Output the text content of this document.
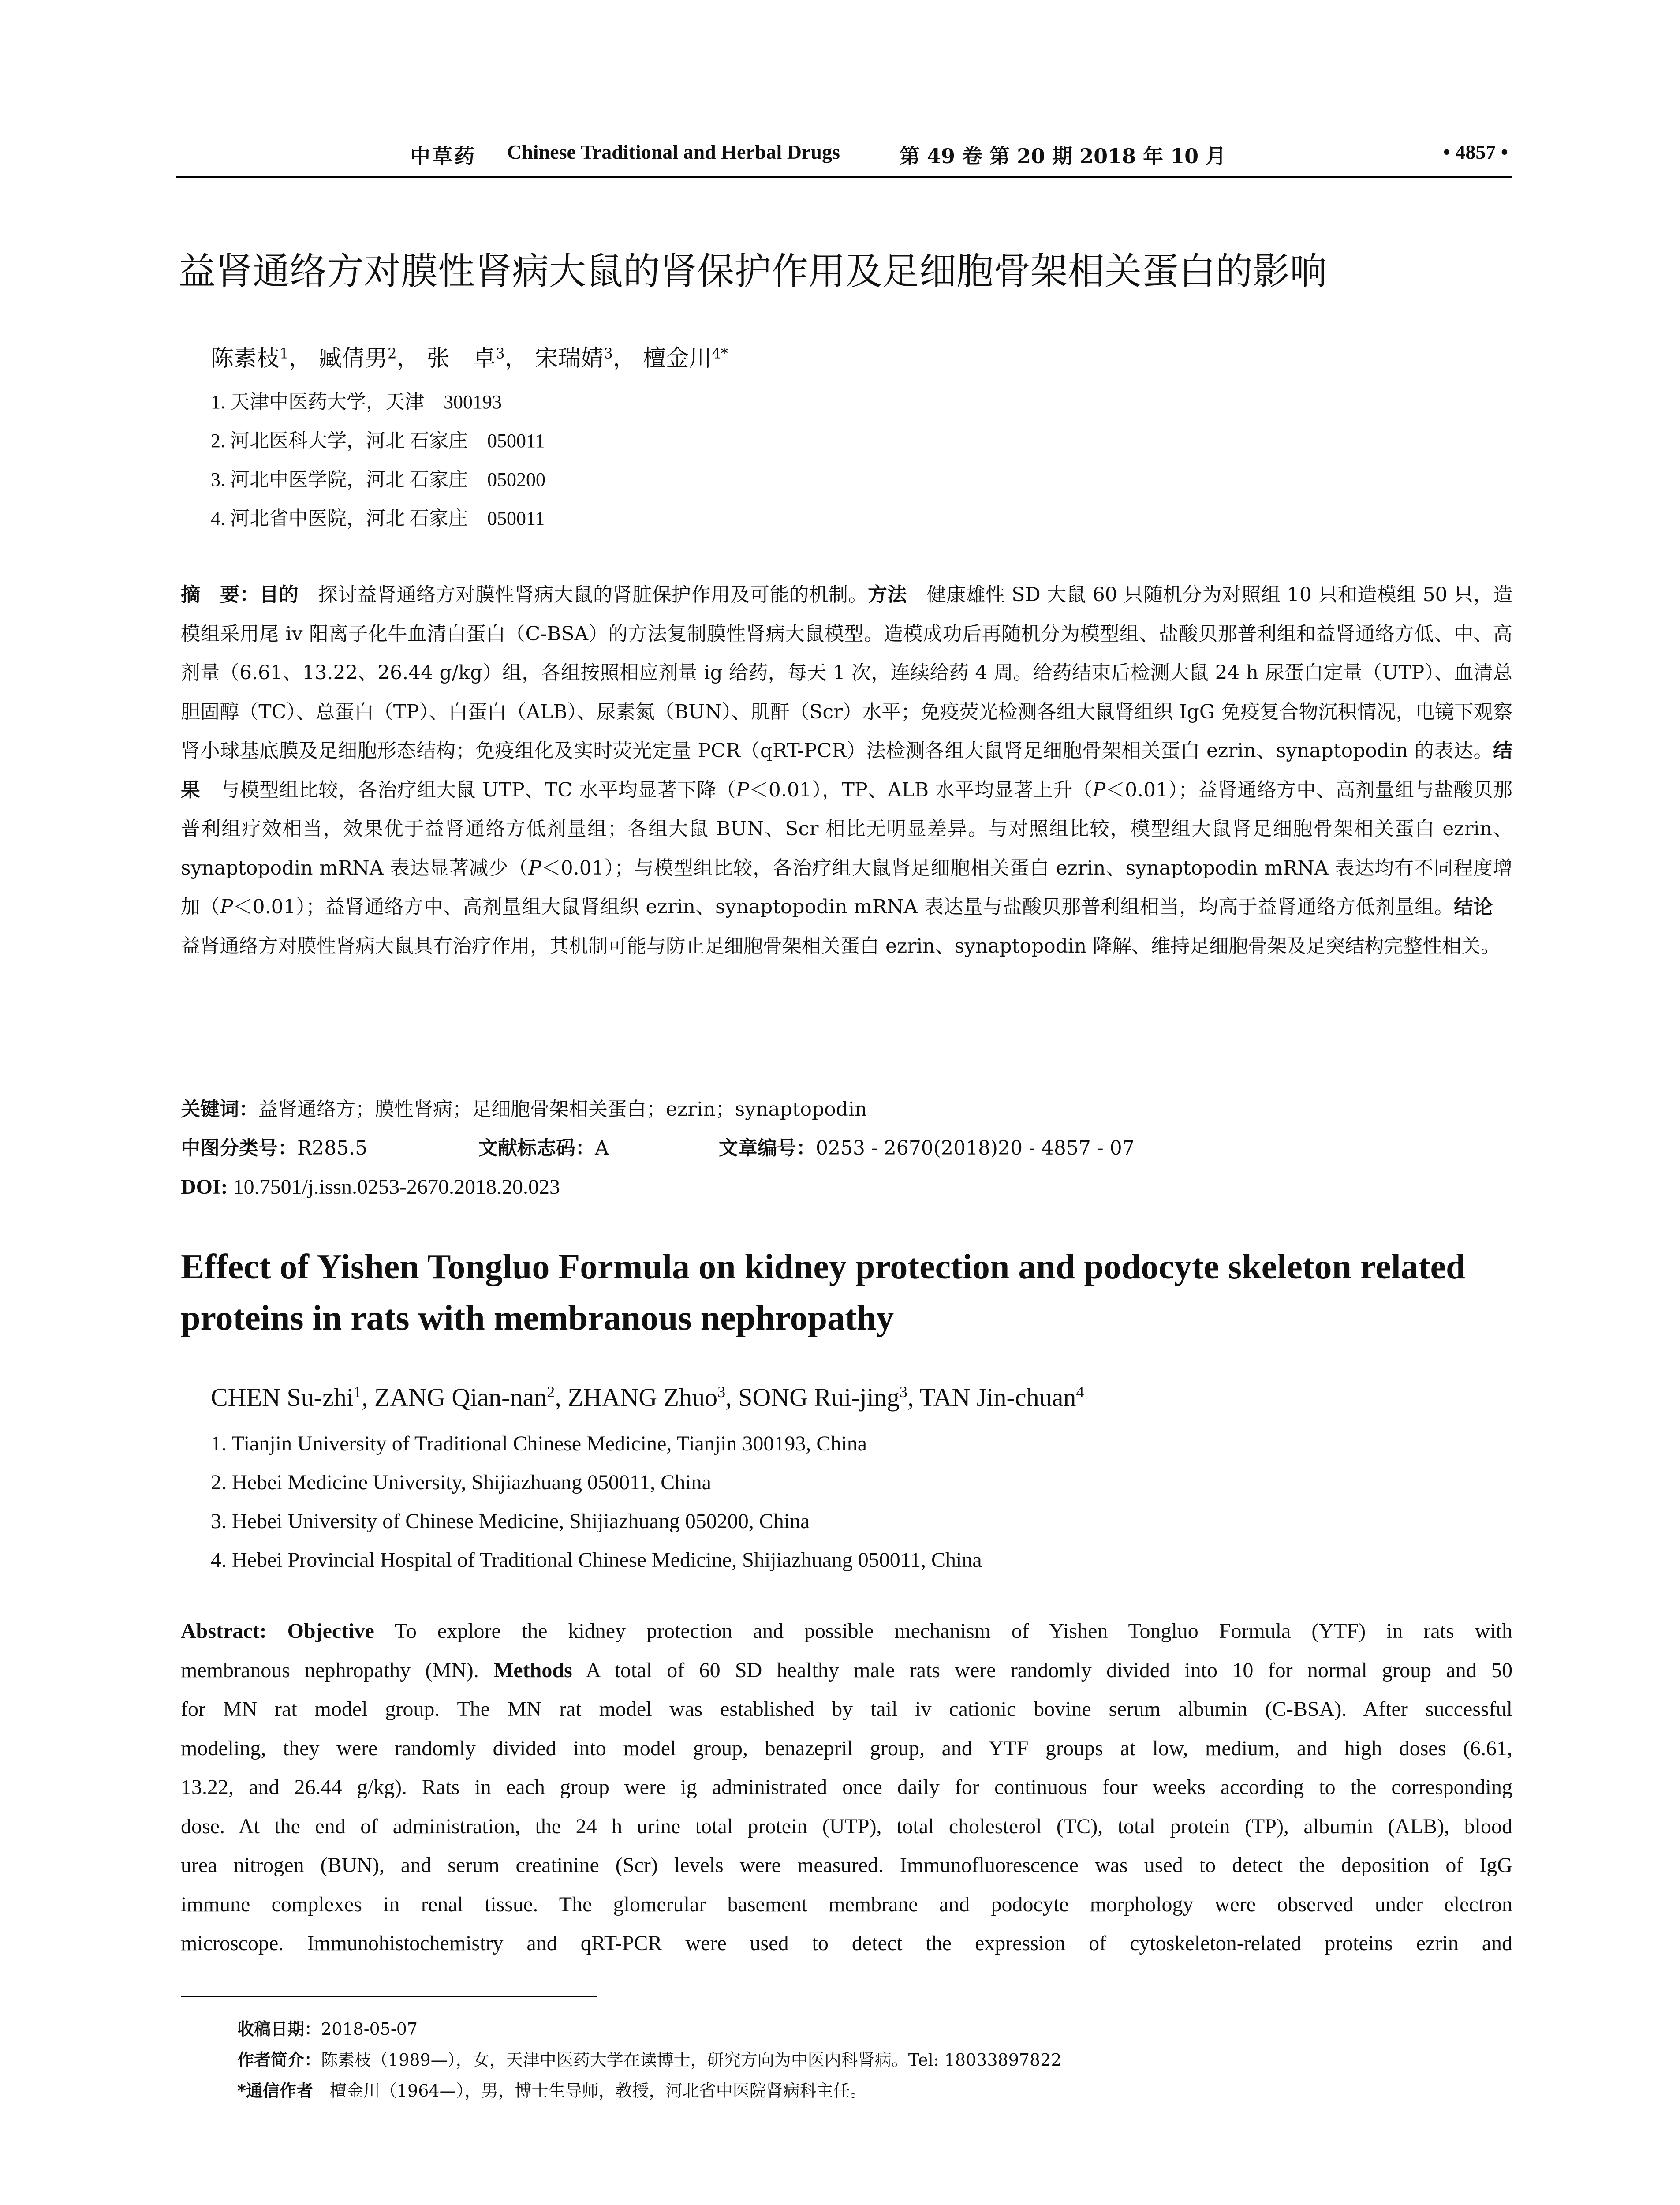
中草药 Chinese Traditional and Herbal Drugs	第 49 卷 第 20 期 2018 年 10 月	• 4857 •
益肾通络方对膜性肾病大鼠的肾保护作用及足细胞骨架相关蛋白的影响
陈素枝$^1$， 臧倩男$^2$， 张　卓$^3$， 宋瑞婧$^3$， 檀金川$^{4*}$
1. 天津中医药大学，天津　300193
2. 河北医科大学，河北 石家庄　050011
3. 河北中医学院，河北 石家庄　050200
4. 河北省中医院，河北 石家庄　050011
摘　要：目的　探讨益肾通络方对膜性肾病大鼠的肾脏保护作用及可能的机制。方法　健康雄性 SD 大鼠 60 只随机分为对照组 10 只和造模组 50 只，造模组采用尾 iv 阳离子化牛血清白蛋白（C-BSA）的方法复制膜性肾病大鼠模型。造模成功后再随机分为模型组、盐酸贝那普利组和益肾通络方低、中、高剂量（6.61、13.22、26.44 g/kg）组，各组按照相应剂量 ig 给药，每天 1 次，连续给药 4 周。给药结束后检测大鼠 24 h 尿蛋白定量（UTP）、血清总胆固醇（TC）、总蛋白（TP）、白蛋白（ALB）、尿素氮（BUN）、肌酐（Scr）水平；免疫荧光检测各组大鼠肾组织 IgG 免疫复合物沉积情况，电镜下观察肾小球基底膜及足细胞形态结构；免疫组化及实时荧光定量 PCR（qRT-PCR）法检测各组大鼠肾足细胞骨架相关蛋白 ezrin、synaptopodin 的表达。结果　与模型组比较，各治疗组大鼠 UTP、TC 水平均显著下降（P＜0.01），TP、ALB 水平均显著上升（P＜0.01）；益肾通络方中、高剂量组与盐酸贝那普利组疗效相当，效果优于益肾通络方低剂量组；各组大鼠 BUN、Scr 相比无明显差异。与对照组比较，模型组大鼠肾足细胞骨架相关蛋白 ezrin、synaptopodin mRNA 表达显著减少（P＜0.01）；与模型组比较，各治疗组大鼠肾足细胞相关蛋白 ezrin、synaptopodin mRNA 表达均有不同程度增加（P＜0.01）；益肾通络方中、高剂量组大鼠肾组织 ezrin、synaptopodin mRNA 表达量与盐酸贝那普利组相当，均高于益肾通络方低剂量组。结论　益肾通络方对膜性肾病大鼠具有治疗作用，其机制可能与防止足细胞骨架相关蛋白 ezrin、synaptopodin 降解、维持足细胞骨架及足突结构完整性相关。
关键词：益肾通络方；膜性肾病；足细胞骨架相关蛋白；ezrin；synaptopodin
中图分类号：R285.5	文献标志码：A	文章编号：0253 - 2670(2018)20 - 4857 - 07
DOI: 10.7501/j.issn.0253-2670.2018.20.023
Effect of Yishen Tongluo Formula on kidney protection and podocyte skeleton related proteins in rats with membranous nephropathy
CHEN Su-zhi$^1$, ZANG Qian-nan$^2$, ZHANG Zhuo$^3$, SONG Rui-jing$^3$, TAN Jin-chuan$^4$
1. Tianjin University of Traditional Chinese Medicine, Tianjin 300193, China
2. Hebei Medicine University, Shijiazhuang 050011, China
3. Hebei University of Chinese Medicine, Shijiazhuang 050200, China
4. Hebei Provincial Hospital of Traditional Chinese Medicine, Shijiazhuang 050011, China
Abstract: Objective To explore the kidney protection and possible mechanism of Yishen Tongluo Formula (YTF) in rats with
membranous nephropathy (MN). Methods A total of 60 SD healthy male rats were randomly divided into 10 for normal group and 50
for MN rat model group. The MN rat model was established by tail iv cationic bovine serum albumin (C-BSA). After successful
modeling, they were randomly divided into model group, benazepril group, and YTF groups at low, medium, and high doses (6.61,
13.22, and 26.44 g/kg). Rats in each group were ig administrated once daily for continuous four weeks according to the corresponding
dose. At the end of administration, the 24 h urine total protein (UTP), total cholesterol (TC), total protein (TP), albumin (ALB), blood
urea nitrogen (BUN), and serum creatinine (Scr) levels were measured. Immunofluorescence was used to detect the deposition of IgG
immune complexes in renal tissue. The glomerular basement membrane and podocyte morphology were observed under electron
microscope. Immunohistochemistry and qRT-PCR were used to detect the expression of cytoskeleton-related proteins ezrin and
收稿日期：2018-05-07
作者简介：陈素枝（1989—），女，天津中医药大学在读博士，研究方向为中医内科肾病。Tel: 18033897822
*通信作者　檀金川（1964—），男，博士生导师，教授，河北省中医院肾病科主任。
